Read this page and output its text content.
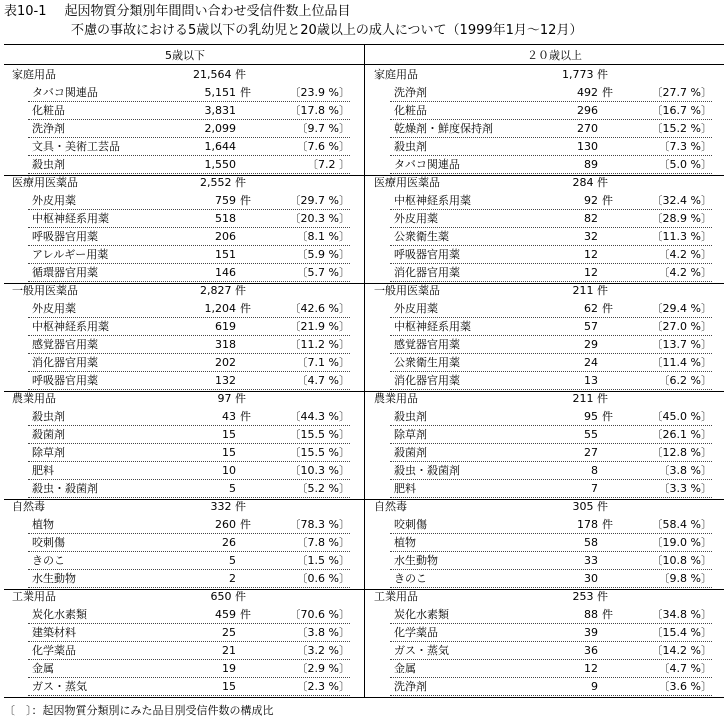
表10-1 起因物質分類別年間問い合わせ受信件数上位品目
不慮の事故における5歳以下の乳幼児と20歳以上の成人について（1999年1月～12月）
5歳以下
家庭用品	21,564 件
タバコ関連品	5,151 件	〔23.9 %〕
化粧品	3,831	〔17.8 %〕
洗浄剤	2,099	〔9.7 %〕
文具・美術工芸品	1,644	〔7.6 %〕
殺虫剤	1,550	〔7.2 〕
医療用医薬品	2,552 件
外皮用薬	759 件	〔29.7 %〕
中枢神経系用薬	518	〔20.3 %〕
呼吸器官用薬	206	〔8.1 %〕
アレルギー用薬	151	〔5.9 %〕
循環器官用薬	146	〔5.7 %〕
一般用医薬品	2,827 件
外皮用薬	1,204 件	〔42.6 %〕
中枢神経系用薬	619	〔21.9 %〕
感覚器官用薬	318	〔11.2 %〕
消化器官用薬	202	〔7.1 %〕
呼吸器官用薬	132	〔4.7 %〕
農業用品	97 件
殺虫剤	43 件	〔44.3 %〕
殺菌剤	15	〔15.5 %〕
除草剤	15	〔15.5 %〕
肥料	10	〔10.3 %〕
殺虫・殺菌剤	5	〔5.2 %〕
自然毒	332 件
植物	260 件	〔78.3 %〕
咬刺傷	26	〔7.8 %〕
きのこ	5	〔1.5 %〕
水生動物	2	〔0.6 %〕
工業用品	650 件
炭化水素類	459 件	〔70.6 %〕
建築材料	25	〔3.8 %〕
化学薬品	21	〔3.2 %〕
金属	19	〔2.9 %〕
ガス・蒸気	15	〔2.3 %〕
２０歳以上
家庭用品	1,773 件
洗浄剤	492 件	〔27.7 %〕
化粧品	296	〔16.7 %〕
乾燥剤・鮮度保持剤	270	〔15.2 %〕
殺虫剤	130	〔7.3 %〕
タバコ関連品	89	〔5.0 %〕
医療用医薬品	284 件
中枢神経系用薬	92 件	〔32.4 %〕
外皮用薬	82	〔28.9 %〕
公衆衛生薬	32	〔11.3 %〕
呼吸器官用薬	12	〔4.2 %〕
消化器官用薬	12	〔4.2 %〕
一般用医薬品	211 件
外皮用薬	62 件	〔29.4 %〕
中枢神経系用薬	57	〔27.0 %〕
感覚器官用薬	29	〔13.7 %〕
公衆衛生用薬	24	〔11.4 %〕
消化器官用薬	13	〔6.2 %〕
農業用品	211 件
殺虫剤	95 件	〔45.0 %〕
除草剤	55	〔26.1 %〕
殺菌剤	27	〔12.8 %〕
殺虫・殺菌剤	8	〔3.8 %〕
肥料	7	〔3.3 %〕
自然毒	305 件
咬刺傷	178 件	〔58.4 %〕
植物	58	〔19.0 %〕
水生動物	33	〔10.8 %〕
きのこ	30	〔9.8 %〕
工業用品	253 件
炭化水素類	88 件	〔34.8 %〕
化学薬品	39	〔15.4 %〕
ガス・蒸気	36	〔14.2 %〕
金属	12	〔4.7 %〕
洗浄剤	9	〔3.6 %〕
〔　〕：起因物質分類別にみた品目別受信件数の構成比
